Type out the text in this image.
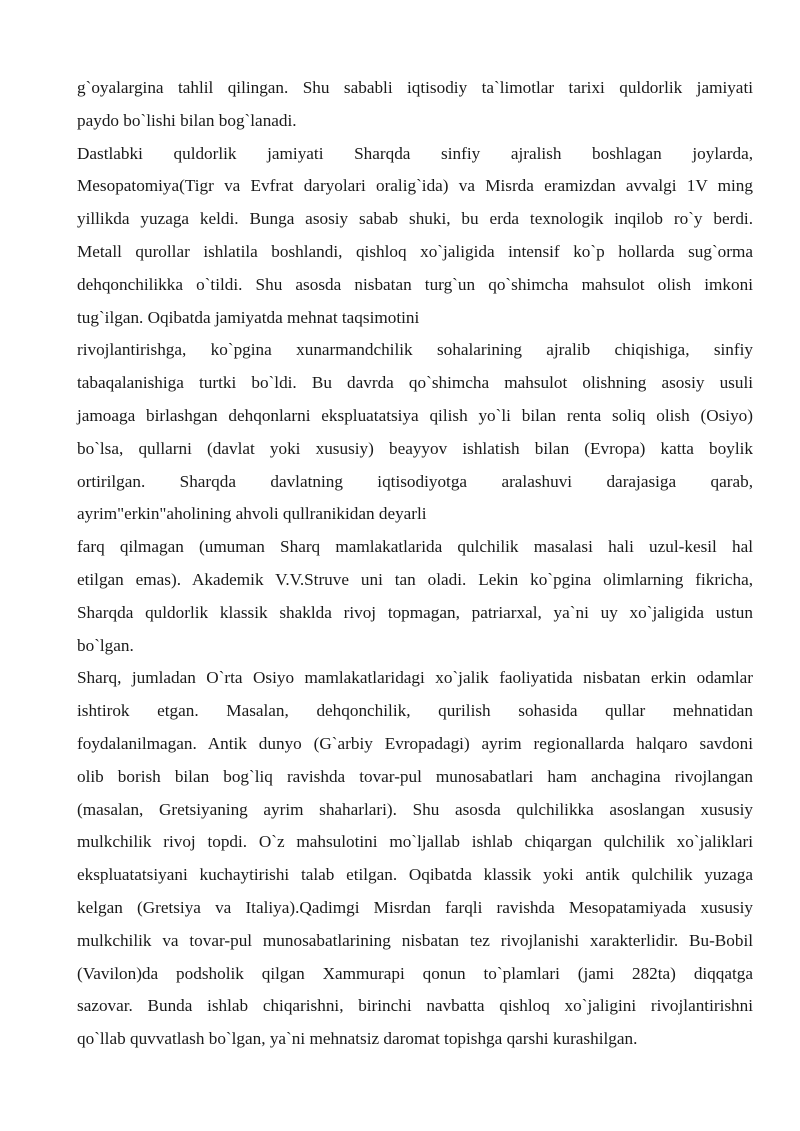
g`oyalargina tahlil qilingan. Shu sababli iqtisodiy ta`limotlar tarixi quldorlik jamiyati
paydo bo`lishi bilan bog`lanadi.
Dastlabki quldorlik jamiyati Sharqda sinfiy ajralish boshlagan joylarda,
Mesopatomiya(Tigr va Evfrat daryolari oralig`ida) va Misrda eramizdan avvalgi 1V ming
yillikda yuzaga keldi. Bunga asosiy sabab shuki, bu erda texnologik inqilob ro`y berdi.
Metall qurollar ishlatila boshlandi, qishloq xo`jaligida intensif ko`p hollarda sug`orma
dehqonchilikka o`tildi. Shu asosda nisbatan turg`un qo`shimcha mahsulot olish imkoni
tug`ilgan. Oqibatda jamiyatda mehnat taqsimotini
rivojlantirishga, ko`pgina xunarmandchilik sohalarining ajralib chiqishiga, sinfiy
tabaqalanishiga turtki bo`ldi. Bu davrda qo`shimcha mahsulot olishning asosiy usuli
jamoaga birlashgan dehqonlarni ekspluatatsiya qilish yo`li bilan renta soliq olish (Osiyo)
bo`lsa, qullarni (davlat yoki xususiy) beayyov ishlatish bilan (Evropa) katta boylik
ortirilgan. Sharqda davlatning iqtisodiyotga aralashuvi darajasiga qarab,
ayrim"erkin"aholining ahvoli qullranikidan deyarli
farq qilmagan (umuman Sharq mamlakatlarida qulchilik masalasi hali uzul-kesil hal
etilgan emas). Akademik V.V.Struve uni tan oladi. Lekin ko`pgina olimlarning fikricha,
Sharqda quldorlik klassik shaklda rivoj topmagan, patriarxal, ya`ni uy xo`jaligida ustun
bo`lgan.
Sharq, jumladan O`rta Osiyo mamlakatlaridagi xo`jalik faoliyatida nisbatan erkin odamlar
ishtirok etgan. Masalan, dehqonchilik, qurilish sohasida qullar mehnatidan
foydalanilmagan. Antik dunyo (G`arbiy Evropadagi) ayrim regionallarda halqaro savdoni
olib borish bilan bog`liq ravishda tovar-pul munosabatlari ham anchagina rivojlangan
(masalan, Gretsiyaning ayrim shaharlari). Shu asosda qulchilikka asoslangan xususiy
mulkchilik rivoj topdi. O`z mahsulotini mo`ljallab ishlab chiqargan qulchilik xo`jaliklari
ekspluatatsiyani kuchaytirishi talab etilgan. Oqibatda klassik yoki antik qulchilik yuzaga
kelgan (Gretsiya va Italiya).Qadimgi Misrdan farqli ravishda Mesopatamiyada xususiy
mulkchilik va tovar-pul munosabatlarining nisbatan tez rivojlanishi xarakterlidir. Bu-Bobil
(Vavilon)da podsholik qilgan Xammurapi qonun to`plamlari (jami 282ta) diqqatga
sazovar. Bunda ishlab chiqarishni, birinchi navbatta qishloq xo`jaligini rivojlantirishni
qo`llab quvvatlash bo`lgan, ya`ni mehnatsiz daromat topishga qarshi kurashilgan.
